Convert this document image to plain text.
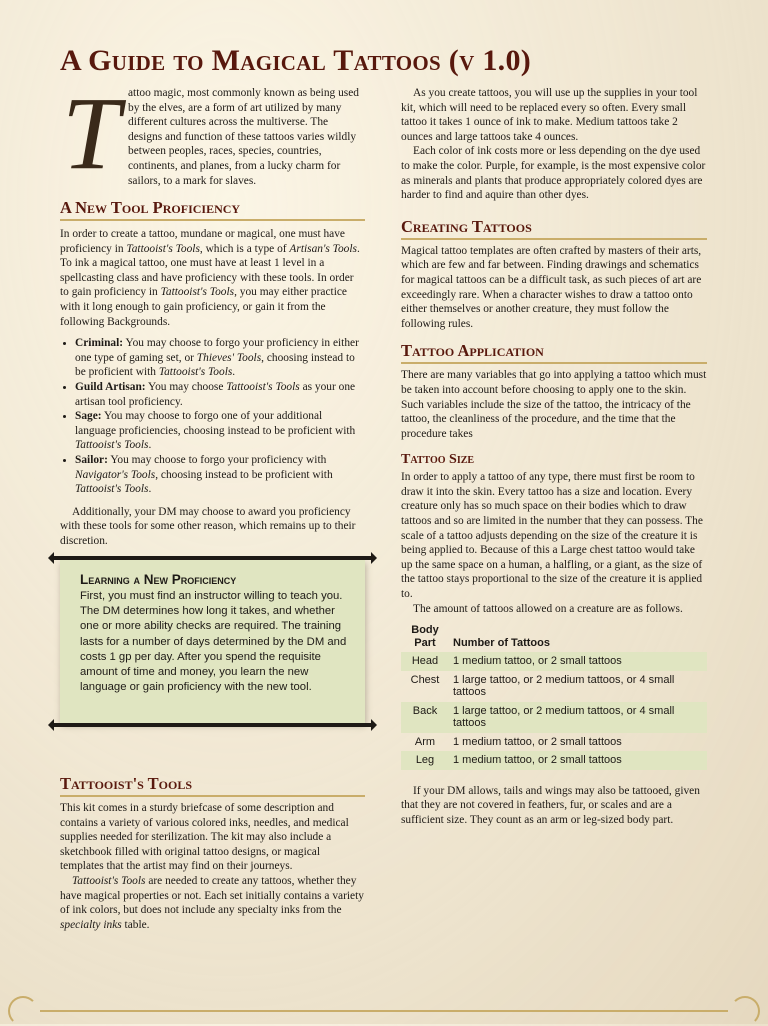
A Guide to Magical Tattoos (v 1.0)
T attoo magic, most commonly known as being used by the elves, are a form of art utilized by many different cultures across the multiverse. The designs and function of these tattoos varies wildly between peoples, races, species, countries, continents, and planes, from a lucky charm for sailors, to a mark for slaves.

A New Tool Proficiency

In order to create a tattoo, mundane or magical, one must have proficiency in Tattooist's Tools, which is a type of Artisan's Tools. To ink a magical tattoo, one must have at least 1 level in a spellcasting class and have proficiency with these tools. In order to gain proficiency in Tattooist's Tools, you may either practice with it long enough to gain proficiency, or gain it from the following Backgrounds.

• Criminal: You may choose to forgo your proficiency in either one type of gaming set, or Thieves' Tools, choosing instead to be proficient with Tattooist's Tools.
• Guild Artisan: You may choose Tattooist's Tools as your one artisan tool proficiency.
• Sage: You may choose to forgo one of your additional language proficiencies, choosing instead to be proficient with Tattooist's Tools.
• Sailor: You may choose to forgo your proficiency with Navigator's Tools, choosing instead to be proficient with Tattooist's Tools.

Additionally, your DM may choose to award you proficiency with these tools for some other reason, which remains up to their discretion.

Learning a New Proficiency
First, you must find an instructor willing to teach you. The DM determines how long it takes, and whether one or more ability checks are required. The training lasts for a number of days determined by the DM and costs 1 gp per day. After you spend the requisite amount of time and money, you learn the new language or gain proficiency with the new tool.
Tattooist's Tools

This kit comes in a sturdy briefcase of some description and contains a variety of various colored inks, needles, and medical supplies needed for sterilization. The kit may also include a sketchbook filled with original tattoo designs, or magical templates that the artist may find on their journeys.

Tattooist's Tools are needed to create any tattoos, whether they have magical properties or not. Each set initially contains a variety of ink colors, but does not include any specialty inks from the specialty inks table.

As you create tattoos, you will use up the supplies in your tool kit, which will need to be replaced every so often. Every small tattoo it takes 1 ounce of ink to make. Medium tattoos take 2 ounces and large tattoos take 4 ounces.

Each color of ink costs more or less depending on the dye used to make the color. Purple, for example, is the most expensive color as minerals and plants that produce appropriately colored dyes are harder to find and aquire than other dyes.

Creating Tattoos

Magical tattoo templates are often crafted by masters of their arts, which are few and far between. Finding drawings and schematics for magical tattoos can be a difficult task, as such pieces of art are exceedingly rare. When a character wishes to draw a tattoo onto either themselves or another creature, they must follow the following rules.

Tattoo Application

There are many variables that go into applying a tattoo which must be taken into account before choosing to apply one to the skin. Such variables include the size of the tattoo, the intricacy of the tattoo, the cleanliness of the procedure, and the time that the procedure takes

Tattoo Size

In order to apply a tattoo of any type, there must first be room to draw it into the skin. Every tattoo has a size and location. Every creature only has so much space on their bodies which to draw tattoos and so are limited in the number that they can possess. The scale of a tattoo adjusts depending on the size of the creature it is being applied to. Because of this a Large chest tattoo would take up the same space on a human, a halfling, or a giant, as the size of the tattoo stays proportional to the size of the creature it is applied to.

The amount of tattoos allowed on a creature are as follows.

Body Part	Number of Tattoos
Head	1 medium tattoo, or 2 small tattoos
Chest	1 large tattoo, or 2 medium tattoos, or 4 small tattoos
Back	1 large tattoo, or 2 medium tattoos, or 4 small tattoos
Arm	1 medium tattoo, or 2 small tattoos
Leg	1 medium tattoo, or 2 small tattoos

If your DM allows, tails and wings may also be tattooed, given that they are not covered in feathers, fur, or scales and are a sufficient size. They count as an arm or leg-sized body part.
